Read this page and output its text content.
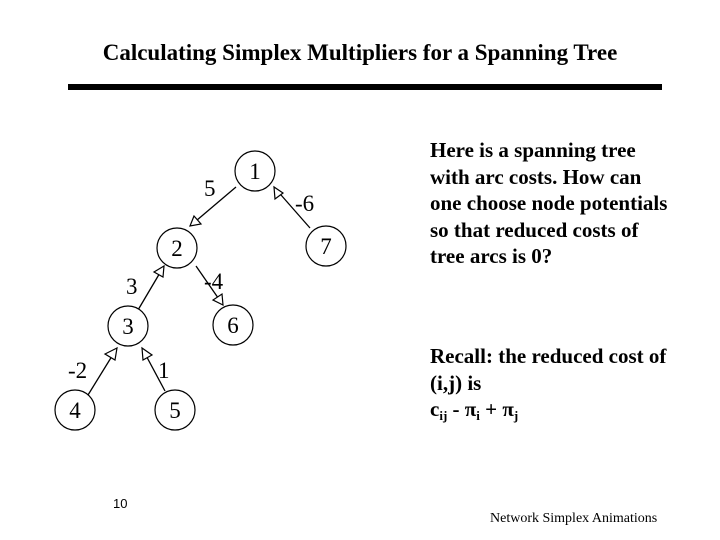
Calculating Simplex Multipliers for a Spanning Tree
5
-6
3	-4
-2	1
1
2
3
4	5
6
7
Here is a spanning tree with arc costs. How can one choose node potentials so that reduced costs of tree arcs is 0?
Recall: the reduced cost of (i,j) is
$c_{ij} - \pi_i + \pi_j$
10
Network Simplex Animations
